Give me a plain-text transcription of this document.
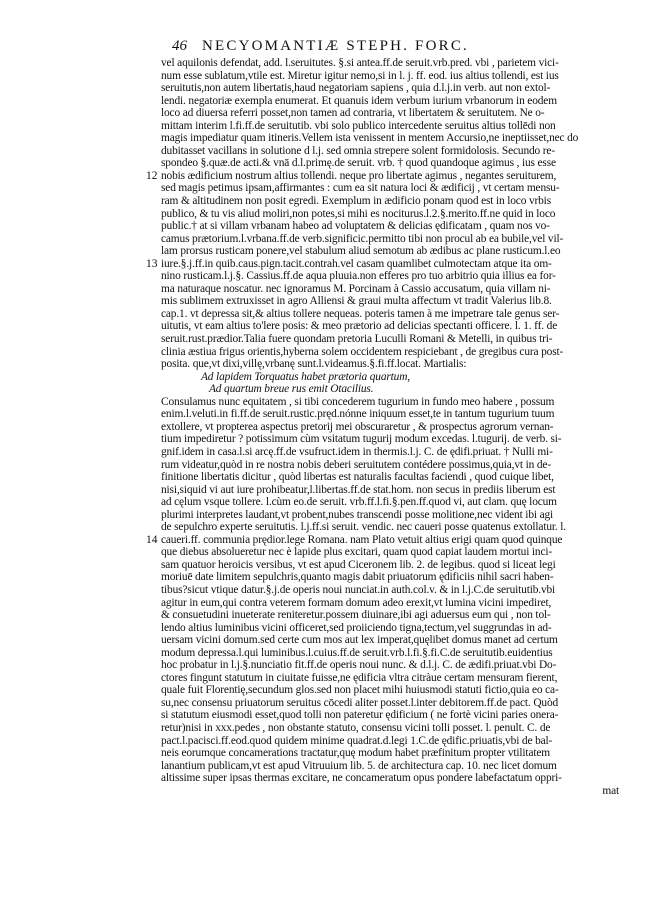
46 NECYOMANTIÆ STEPH. FORC.
vel aquilonis defendat, add. l.seruitutes. §.si antea.ff.de seruit.vrb.pred. vbi , parietem vici-
num esse sublatum,vtile est. Miretur igitur nemo,si in l. j. ff. eod. ius altius tollendi, est ius
seruitutis,non autem libertatis,haud negatoriam sapiens , quia d.l.j.in verb. aut non extol-
lendi. negatoriæ exempla enumerat. Et quanuis idem verbum iurium vrbanorum in eodem
loco ad diuersa referri posset,non tamen ad contraria, vt libertatem & seruitutem. Ne o-
mittam interim l.fi.ff.de seruitutib. vbi solo publico intercedente seruitus altius tollēdi non
magis impediatur quam itineris.Vellem ista venissent in mentem Accursio,ne ineptiisset,nec do
dubitasset vacillans in solutione d l.j. sed omnia strepere solent formidolosis. Secundo re-
spondeo §.quæ.de acti.& vnā d.l.primę.de seruit. vrb. † quod quandoque agimus , ius esse
nobis ædificium nostrum altius tollendi. neque pro libertate agimus , negantes seruiturem,
sed magis petimus ipsam,affirmantes : cum ea sit natura loci & ædificij , vt certam mensu-
ram & altitudinem non posit egredi. Exemplum in ædificio ponam quod est in loco vrbis
publico, & tu vis aliud moliri,non potes,si mihi es nociturus.l.2.§.merito.ff.ne quid in loco
public.† at si villam vrbanam habeo ad voluptatem & delicias ędificatam , quam nos vo-
camus prætorium.l.vrbana.ff.de verb.significic.permitto tibi non procul ab ea bubile,vel vil-
lam prorsus rusticam ponere,vel stabulum aliud semotum ab ædibus ac plane rusticum.l.eo
iure.§.j.ff.in quib.caus.pign.tacit.contrah.vel casam quamlibet culmotectam atque ita om-
nino rusticam.l.j.§. Cassius.ff.de aqua pluuia.non efferes pro tuo arbitrio quia illius ea for-
ma naturaque noscatur. nec ignoramus M. Porcinam à Cassio accusatum, quia villam ni-
mis sublimem extruxisset in agro Alliensi & graui multa affectum vt tradit Valerius lib.8.
cap.1. vt depressa sit,& altius tollere nequeas. poteris tamen à me impetrare tale genus ser-
uitutis, vt eam altius to'lere posis: & meo prætorio ad delicias spectanti officere. l. 1. ff. de
seruit.rust.prædior.Talia fuere quondam pretoria Luculli Romani & Metelli, in quibus tri-
clinia æstiua frigus orientis,hyberna solem occidentem respiciebant , de gregibus cura post-
posita. que,vt dixi,villę,vrbanę sunt.l.videamus.§.fi.ff.locat. Martialis:
Ad lapidem Torquatus habet prætoria quartum,
Ad quartum breue rus emit Otacilius.
Consulamus nunc equitatem , si tibi concederem tugurium in fundo meo habere , possum
enim.l.veluti.in fi.ff.de seruit.rustic.pręd.nónne iniquum esset,te in tantum tugurium tuum
extollere, vt propterea aspectus pretorij mei obscuraretur , & prospectus agrorum vernan-
tium impediretur ? potissimum cùm vsitatum tugurij modum excedas. l.tugurij. de verb. si-
gnif.idem in casa.l.si arcę.ff.de vsufruct.idem in thermis.l.j. C. de ędifi.priuat. † Nulli mi-
rum videatur,quòd in re nostra nobis deberi seruitutem contédere possimus,quia,vt in de-
finitione libertatis dicitur , quòd libertas est naturalis facultas faciendi , quod cuique libet,
nisi,siquid vi aut iure prohibeatur,l.libertas.ff.de stat.hom. non secus in prediis liberum est
ad cęlum vsque tollere. l.cùm eo.de seruit. vrb.ff.l.fi.§.pen.ff.quod vi, aut clam. quę locum
plurimi interpretes laudant,vt probent,nubes transcendi posse molitione,nec vident ibi agi
de sepulchro experte seruitutis. l.j.ff.si seruit. vendic. nec caueri posse quatenus extollatur. l.
caueri.ff. communia prędior.lege Romana. nam Plato vetuit altius erigi quam quod quinque
que diebus absolueretur nec è lapide plus excitari, quam quod capiat laudem mortui inci-
sam quatuor heroicis versibus, vt est apud Ciceronem lib. 2. de legibus. quod si liceat legi
moriuē date limitem sepulchris,quanto magis dabit priuatorum ędificiis nihil sacri haben-
tibus?sicut vtique datur.§.j.de operis noui nunciat.in auth.col.v. & in l.j.C.de seruitutib.vbi
agitur in eum,qui contra veterem formam domum adeo erexit,vt lumina vicini impediret,
& consuetudini inueterate reniteretur.possem diuinare,ibi agi aduersus eum qui , non tol-
lendo altius luminibus vicini officeret,sed proiiciendo tigna,tectum,vel suggrundas in ad-
uersam vicini domum.sed certe cum mos aut lex imperat,quęlibet domus manet ad certum
modum depressa.l.qui luminibus.l.cuius.ff.de seruit.vrb.l.fi.§.fi.C.de seruitutib.euidentius
hoc probatur in l.j.§.nunciatio fit.ff.de operis noui nunc. & d.l.j. C. de ædifi.priuat.vbi Do-
ctores fingunt statutum in ciuitate fuisse,ne ędificia vltra citràue certam mensuram fierent,
quale fuit Florentię,secundum glos.sed non placet mihi huiusmodi statuti fictio,quia eo ca-
su,nec consensu priuatorum seruitus cōcedi aliter posset.l.inter debitorem.ff.de pact. Quòd
si statutum eiusmodi esset,quod tolli non pateretur ędificium ( ne fortè vicini paries onera-
retur)nisi in xxx.pedes , non obstante statuto, consensu vicini tolli posset. l. penult. C. de
pact.l.pacisci.ff.eod.quod quidem minime quadrat.d.legi 1.C.de ędific.priuatis,vbi de bal-
neis eorumque concamerations tractatur,quę modum habet præfinitum propter vtilitatem
lanantium publicam,vt est apud Vitruuium lib. 5. de architectura cap. 10. nec licet domum
altissime super ipsas thermas excitare, ne concameratum opus pondere labefactatum oppri-
mat
12
13
14
